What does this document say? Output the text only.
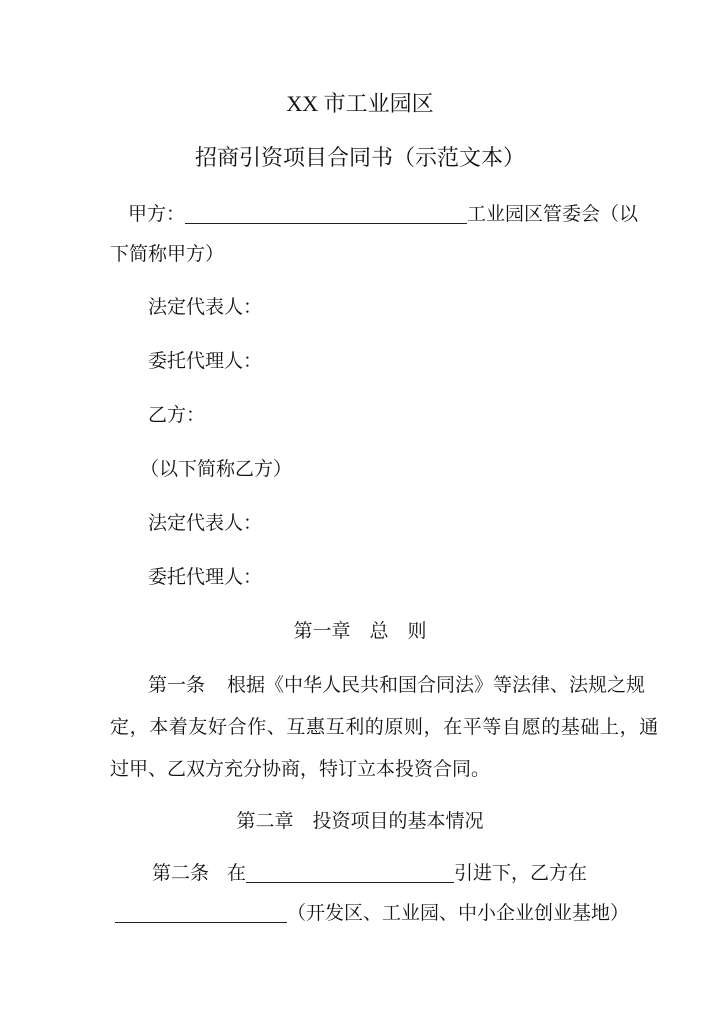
XX 市工业园区
招商引资项目合同书（示范文本）
甲方：	工业园区管委会（以
下简称甲方）
法定代表人：
委托代理人：
乙方：
（以下简称乙方）
法定代表人：
委托代理人：
第一章　总　则
第一条 根据《中华人民共和国合同法》等法律、法规之规
定，本着友好合作、互惠互利的原则，在平等自愿的基础上，通
过甲、乙双方充分协商，特订立本投资合同。
第二章　投资项目的基本情况
第二条 在	引进下，乙方在
（开发区、工业园、中小企业创业基地）
